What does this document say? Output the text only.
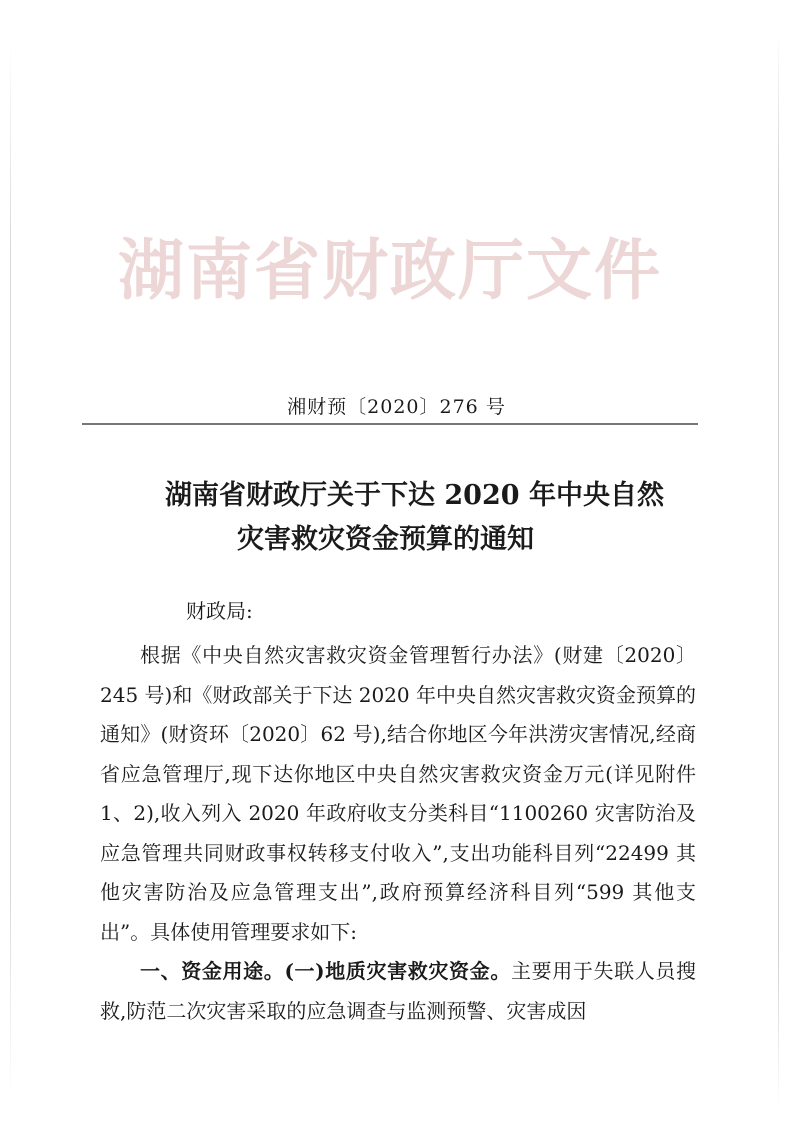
湖南省财政厅文件
湘财预〔2020〕276 号
湖南省财政厅关于下达 2020 年中央自然
灾害救灾资金预算的通知
财政局:

根据《中央自然灾害救灾资金管理暂行办法》(财建〔2020〕245 号)和《财政部关于下达 2020 年中央自然灾害救灾资金预算的通知》(财资环〔2020〕62 号),结合你地区今年洪涝灾害情况,经商省应急管理厅,现下达你地区中央自然灾害救灾资金万元(详见附件 1、2),收入列入 2020 年政府收支分类科目“1100260 灾害防治及应急管理共同财政事权转移支付收入”,支出功能科目列“22499 其他灾害防治及应急管理支出”,政府预算经济科目列“599 其他支出”。具体使用管理要求如下:

一、资金用途。(一)地质灾害救灾资金。主要用于失联人员搜救,防范二次灾害采取的应急调查与监测预警、灾害成因
